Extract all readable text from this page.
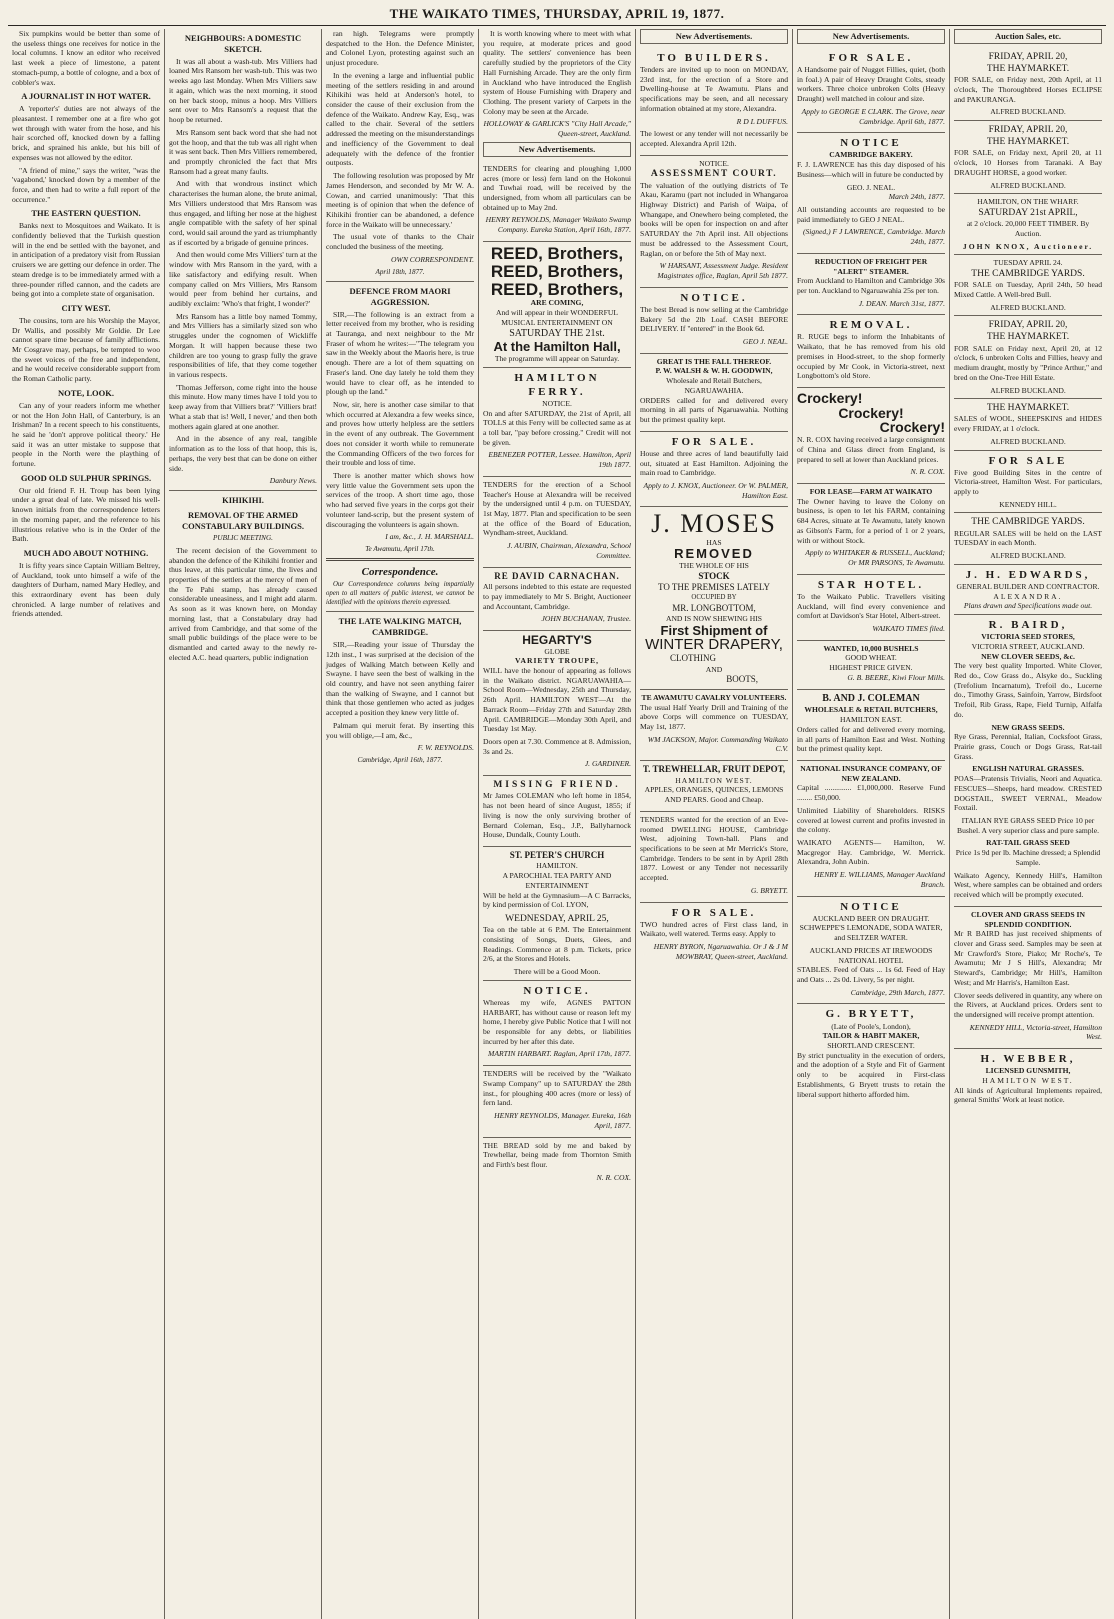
THE WAIKATO TIMES, THURSDAY, APRIL 19, 1877.

Six pumpkins would be better than some of the useless things one receives for notice in the local columns. I know an editor who received last week a piece of limestone, a patent stomach-pump, a bottle of cologne, and a box of cobbler's wax.

A JOURNALIST IN HOT WATER.

A 'reporter's' duties are not always of the pleasantest. I remember one at a fire who got wet through with water from the hose, and his hair scorched off, knocked down by a falling brick, and sprained his ankle, but his bill of expenses was not allowed by the editor.

"A friend of mine," says the writer, "was the 'vagabond,' knocked down by a member of the force, and then had to write a full report of the occurrence."

THE EASTERN QUESTION.

Banks next to Mosquitoes and Waikato. It is confidently believed that the Turkish question will in the end be settled with the bayonet, and in anticipation of a predatory visit from Russian cruisers we are getting our defence in order. The steam dredge is to be immediately armed with a three-pounder rifled cannon, and the cadets are being got into a complete state of organisation.

CITY WEST.

The cousins, torn are his Worship the Mayor, Dr Wallis, and possibly Mr Goldie. Dr Lee cannot spare time because of family afflictions. Mr Cosgrave may, perhaps, be tempted to woo the sweet voices of the free and independent, and he would receive considerable support from the Roman Catholic party.

NOTE, LOOK.

Can any of your readers inform me whether or not the Hon John Hall, of Canterbury, is an Irishman? In a recent speech to his constituents, he said he 'don't approve political theory.' He said it was an utter mistake to suppose that people in the North were the plaything of fortune.

GOOD OLD SULPHUR SPRINGS.

Our old friend F. H. Troup has been lying under a great deal of late. We missed his well-known initials from the correspondence letters in the morning paper, and the reference to his illustrious relative who is in the Order of the Bath.

MUCH ADO ABOUT NOTHING.

It is fifty years since Captain William Beltrey, of Auckland, took unto himself a wife of the daughters of Durham, named Mary Hedley, and this extraordinary event has been duly chronicled. A large number of relatives and friends attended.

NEIGHBOURS: A DOMESTIC SKETCH.

It was all about a wash-tub. Mrs Villiers had loaned Mrs Ransom her wash-tub. This was two weeks ago last Monday. When Mrs Villiers saw it again, which was the next morning, it stood on her back stoop, minus a hoop. Mrs Villiers sent over to Mrs Ransom's a request that the hoop be returned.

Mrs Ransom sent back word that she had not got the hoop, and that the tub was all right when it was sent back. Then Mrs Villiers remembered, and promptly chronicled the fact that Mrs Ransom had a great many faults.

And with that wondrous instinct which characterises the human alone, the brute animal, Mrs Villiers understood that Mrs Ransom was thus engaged, and lifting her nose at the highest angle compatible with the safety of her spinal cord, would sail around the yard as triumphantly as if escorted by a brigade of genuine princes.

And then would come Mrs Villiers' turn at the window with Mrs Ransom in the yard, with a like satisfactory and edifying result. When company called on Mrs Villiers, Mrs Ransom would peer from behind her curtains, and audibly exclaim: 'Who's that fright, I wonder?'

Mrs Ransom has a little boy named Tommy, and Mrs Villiers has a similarly sized son who struggles under the cognomen of Wickliffe Morgan. It will happen because these two children are too young to grasp fully the grave responsibilities of life, that they come together in various respects.

'Thomas Jefferson, come right into the house this minute. How many times have I told you to keep away from that Villiers brat?' 'Villiers brat! What a stab that is! Well, I never,' and then both mothers again glared at one another.

And in the absence of any real, tangible information as to the loss of that hoop, this is, perhaps, the very best that can be done on either side.

Danbury News.
KIHIKIHI.
REMOVAL OF THE ARMED CONSTABULARY BUILDINGS.
PUBLIC MEETING.

The recent decision of the Government to abandon the defence of the Kihikihi frontier and thus leave, at this particular time, the lives and properties of the settlers at the mercy of men of the Te Pahi stamp, has already caused considerable uneasiness, and I might add alarm. As soon as it was known here, on Monday morning last, that a Constabulary dray had arrived from Cambridge, and that some of the small public buildings of the place were to be dismantled and carted away to the newly re-elected A.C. head quarters, public indignation

ran high. Telegrams were promptly despatched to the Hon. the Defence Minister, and Colonel Lyon, protesting against such an unjust procedure.

In the evening a large and influential public meeting of the settlers residing in and around Kihikihi was held at Anderson's hotel, to consider the cause of their exclusion from the defence of the Waikato. Andrew Kay, Esq., was called to the chair. Several of the settlers addressed the meeting on the misunderstandings and inefficiency of the Government to deal adequately with the defence of the frontier outposts.

The following resolution was proposed by Mr James Henderson, and seconded by Mr W. A. Cowan, and carried unanimously: 'That this meeting is of opinion that when the defence of Kihikihi frontier can be abandoned, a defence force in the Waikato will be unnecessary.'

The usual vote of thanks to the Chair concluded the business of the meeting.

OWN CORRESPONDENT.
April 18th, 1877.
DEFENCE FROM MAORI AGGRESSION.

SIR,—The following is an extract from a letter received from my brother, who is residing at Tauranga, and next neighbour to the Mr Fraser of whom he writes:—"The telegram you saw in the Weekly about the Maoris here, is true enough. There are a lot of them squatting on Fraser's land. One day lately he told them they would have to clear off, as he intended to plough up the land."

Now, sir, here is another case similar to that which occurred at Alexandra a few weeks since, and proves how utterly helpless are the settlers in the event of any outbreak. The Government does not consider it worth while to remunerate the Commanding Officers of the two forces for their trouble and loss of time.

There is another matter which shows how very little value the Government sets upon the services of the troop. A short time ago, those who had served five years in the corps got their volunteer land-scrip, but the present system of discouraging the volunteers is again shown.

I am, &c., J. H. MARSHALL.
Te Awamutu, April 17th.
Correspondence.

Our Correspondence columns being impartially open to all matters of public interest, we cannot be identified with the opinions therein expressed.

THE LATE WALKING MATCH, CAMBRIDGE.

SIR,—Reading your issue of Thursday the 12th inst., I was surprised at the decision of the judges of Walking Match between Kelly and Swayne. I have seen the best of walking in the old country, and have not seen anything fairer than the walking of Swayne, and I cannot but think that those gentlemen who acted as judges accepted a position they knew very little of.

Palmam qui meruit ferat. By inserting this you will oblige,—I am, &c.,

F. W. REYNOLDS.
Cambridge, April 16th, 1877.

It is worth knowing where to meet with what you require, at moderate prices and good quality. The settlers' convenience has been carefully studied by the proprietors of the City Hall Furnishing Arcade. They are the only firm in Auckland who have introduced the English system of House Furnishing with Drapery and Clothing. The present variety of Carpets in the Colony may be seen at the Arcade.

HOLLOWAY & GARLICK'S "City Hall Arcade," Queen-street, Auckland.
New Advertisements.

TENDERS for clearing and ploughing 1,000 acres (more or less) fern land on the Hokonui and Tuwhai road, will be received by the undersigned, from whom all particulars can be obtained up to May 2nd.

HENRY REYNOLDS, Manager Waikato Swamp Company. Eureka Station, April 16th, 1877.
REED, Brothers,
REED, Brothers,
REED, Brothers,
ARE COMING,
And will appear in their WONDERFUL MUSICAL ENTERTAINMENT ON
SATURDAY THE 21st.
At the Hamilton Hall,
The programme will appear on Saturday.
HAMILTON FERRY.
NOTICE.

On and after SATURDAY, the 21st of April, all TOLLS at this Ferry will be collected same as at a toll bar, "pay before crossing." Credit will not be given.

EBENEZER POTTER, Lessee. Hamilton, April 19th 1877.

TENDERS for the erection of a School Teacher's House at Alexandra will be received by the undersigned until 4 p.m. on TUESDAY, 1st May, 1877. Plan and specification to be seen at the office of the Board of Education, Wyndham-street, Auckland.

J. AUBIN, Chairman, Alexandra, School Committee.
RE DAVID CARNACHAN.

All persons indebted to this estate are requested to pay immediately to Mr S. Bright, Auctioneer and Accountant, Cambridge.

JOHN BUCHANAN, Trustee.
HEGARTY'S
GLOBE
VARIETY TROUPE,

WILL have the honour of appearing as follows in the Waikato district. NGARUAWAHIA—School Room—Wednesday, 25th and Thursday, 26th April. HAMILTON WEST—At the Barrack Room—Friday 27th and Saturday 28th April. CAMBRIDGE—Monday 30th April, and Tuesday 1st May.

Doors open at 7.30. Commence at 8. Admission, 3s and 2s.

J. GARDINER.
MISSING FRIEND.

Mr James COLEMAN who left home in 1854, has not been heard of since August, 1855; if living is now the only surviving brother of Bernard Coleman, Esq., J.P., Ballyharnock House, Dundalk, County Louth.

ST. PETER'S CHURCH
HAMILTON.
A PAROCHIAL TEA PARTY AND ENTERTAINMENT

Will be held at the Gymnasium—A C Barracks, by kind permission of Col. LYON,

WEDNESDAY, APRIL 25,

Tea on the table at 6 P.M. The Entertainment consisting of Songs, Duets, Glees, and Readings. Commence at 8 p.m. Tickets, price 2/6, at the Stores and Hotels.

There will be a Good Moon.
NOTICE.

Whereas my wife, AGNES PATTON HARBART, has without cause or reason left my home, I hereby give Public Notice that I will not be responsible for any debts, or liabilities incurred by her after this date.

MARTIN HARBART. Raglan, April 17th, 1877.

TENDERS will be received by the "Waikato Swamp Company" up to SATURDAY the 28th inst., for ploughing 400 acres (more or less) of fern land.

HENRY REYNOLDS, Manager. Eureka, 16th April, 1877.

THE BREAD sold by me and baked by Trewhellar, being made from Thornton Smith and Firth's best flour.

N. R. COX.
New Advertisements.
TO BUILDERS.

Tenders are invited up to noon on MONDAY, 23rd inst, for the erection of a Store and Dwelling-house at Te Awamutu. Plans and specifications may be seen, and all necessary information obtained at my store, Alexandra.

R D L DUFFUS.

The lowest or any tender will not necessarily be accepted. Alexandra April 12th.

NOTICE.
ASSESSMENT COURT.

The valuation of the outlying districts of Te Akau, Karamu (part not included in Whangaroa Highway District) and Parish of Waipa, of Whangape, and Onewhero being completed, the books will be open for inspection on and after SATURDAY the 7th April inst. All objections must be addressed to the Assessment Court, Raglan, on or before the 5th of May next.

W HARSANT, Assessment Judge. Resident Magistrates office, Raglan, April 5th 1877.
NOTICE.

The best Bread is now selling at the Cambridge Bakery 5d the 2lb Loaf. CASH BEFORE DELIVERY. If "entered" in the Book 6d.

GEO J. NEAL.
GREAT IS THE FALL THEREOF.
P. W. WALSH & W. H. GOODWIN,
Wholesale and Retail Butchers,
NGARUAWAHIA.

ORDERS called for and delivered every morning in all parts of Ngaruawahia. Nothing but the primest quality kept.

FOR SALE.

House and three acres of land beautifully laid out, situated at East Hamilton. Adjoining the main road to Cambridge.

Apply to J. KNOX, Auctioneer. Or W. PALMER, Hamilton East.
J. MOSES
HAS
REMOVED
THE WHOLE OF HIS
STOCK
TO THE PREMISES LATELY
OCCUPIED BY
MR. LONGBOTTOM,
AND IS NOW SHEWING HIS
First Shipment of
WINTER DRAPERY,
CLOTHING
AND
BOOTS,
TE AWAMUTU CAVALRY VOLUNTEERS.

The usual Half Yearly Drill and Training of the above Corps will commence on TUESDAY, May 1st, 1877.

WM JACKSON, Major. Commanding Waikato C.V.
T. TREWHELLAR, FRUIT DEPOT,
HAMILTON WEST.

APPLES, ORANGES, QUINCES, LEMONS AND PEARS. Good and Cheap.

TENDERS wanted for the erection of an Eve-roomed DWELLING HOUSE, Cambridge West, adjoining Town-hall. Plans and specifications to be seen at Mr Merrick's Store, Cambridge. Tenders to be sent in by April 28th 1877. Lowest or any Tender not necessarily accepted.

G. BRYETT.
FOR SALE.

TWO hundred acres of First class land, in Waikato, well watered. Terms easy. Apply to

HENRY BYRON, Ngaruawahia. Or J & J M MOWBRAY, Queen-street, Auckland.
New Advertisements.
FOR SALE.

A Handsome pair of Nugget Fillies, quiet, (both in foal.) A pair of Heavy Draught Colts, steady workers. Three choice unbroken Colts (Heavy Draught) well matched in colour and size.

Apply to GEORGE E CLARK. The Grove, near Cambridge. April 6th, 1877.
NOTICE
CAMBRIDGE BAKERY.

F. J. LAWRENCE has this day disposed of his Business—which will in future be conducted by

GEO. J. NEAL.
March 24th, 1877.

All outstanding accounts are requested to be paid immediately to GEO J NEAL.

(Signed,) F J LAWRENCE, Cambridge. March 24th, 1877.
REDUCTION OF FREIGHT PER "ALERT" STEAMER.

From Auckland to Hamilton and Cambridge 30s per ton. Auckland to Ngaruawahia 25s per ton.

J. DEAN. March 31st, 1877.
REMOVAL.

R. RUGE begs to inform the Inhabitants of Waikato, that he has removed from his old premises in Hood-street, to the shop formerly occupied by Mr Cook, in Victoria-street, next Longbottom's old Store.

Crockery!
Crockery!
Crockery!

N. R. COX having received a large consignment of China and Glass direct from England, is prepared to sell at lower than Auckland prices.

N. R. COX.
FOR LEASE—FARM AT WAIKATO

The Owner having to leave the Colony on business, is open to let his FARM, containing 684 Acres, situate at Te Awamutu, lately known as Gibson's Farm, for a period of 1 or 2 years, with or without Stock.

Apply to WHITAKER & RUSSELL, Auckland; Or MR PARSONS, Te Awamutu.
STAR HOTEL.

To the Waikato Public. Travellers visiting Auckland, will find every convenience and comfort at Davidson's Star Hotel, Albert-street.

WAIKATO TIMES filed.
WANTED, 10,000 BUSHELS
GOOD WHEAT.
HIGHEST PRICE GIVEN.
G. B. BEERE, Kiwi Flour Mills.
B. AND J. COLEMAN
WHOLESALE & RETAIL BUTCHERS,
HAMILTON EAST.

Orders called for and delivered every morning, in all parts of Hamilton East and West. Nothing but the primest quality kept.

NATIONAL INSURANCE COMPANY, OF NEW ZEALAND.

Capital .............. £1,000,000. Reserve Fund ........ £50,000.

Unlimited Liability of Shareholders. RISKS covered at lowest current and profits invested in the colony.

WAIKATO AGENTS— Hamilton, W. Macgregor Hay. Cambridge, W. Merrick. Alexandra, John Aubin.

HENRY E. WILLIAMS, Manager Auckland Branch.
NOTICE

AUCKLAND BEER ON DRAUGHT. SCHWEPPE'S LEMONADE, SODA WATER, and SELTZER WATER.

AUCKLAND PRICES AT IREWOODS NATIONAL HOTEL

STABLES. Feed of Oats ... 1s 6d. Feed of Hay and Oats ... 2s 0d. Livery, 5s per night.

Cambridge, 29th March, 1877.
G. BRYETT,
(Late of Poole's, London),
TAILOR & HABIT MAKER,
SHORTLAND CRESCENT.

By strict punctuality in the execution of orders, and the adoption of a Style and Fit of Garment only to be acquired in First-class Establishments, G Bryett trusts to retain the liberal support hitherto afforded him.

Auction Sales, etc.
FRIDAY, APRIL 20,
THE HAYMARKET.

FOR SALE, on Friday next, 20th April, at 11 o'clock, The Thoroughbred Horses ECLIPSE and PAKURANGA.

ALFRED BUCKLAND.
FRIDAY, APRIL 20,
THE HAYMARKET.

FOR SALE, on Friday next, April 20, at 11 o'clock, 10 Horses from Taranaki. A Bay DRAUGHT HORSE, a good worker.

ALFRED BUCKLAND.
HAMILTON, ON THE WHARF.
SATURDAY 21st APRIL,

at 2 o'clock. 20,000 FEET TIMBER. By Auction.

JOHN KNOX, Auctioneer.
TUESDAY APRIL 24.
THE CAMBRIDGE YARDS.

FOR SALE on Tuesday, April 24th, 50 head Mixed Cattle. A Well-bred Bull.

ALFRED BUCKLAND.
FRIDAY, APRIL 20,
THE HAYMARKET.

FOR SALE on Friday next, April 20, at 12 o'clock, 6 unbroken Colts and Fillies, heavy and medium draught, mostly by "Prince Arthur," and bred on the One-Tree Hill Estate.

ALFRED BUCKLAND.
THE HAYMARKET.

SALES of WOOL, SHEEPSKINS and HIDES every FRIDAY, at 1 o'clock.

ALFRED BUCKLAND.
FOR SALE

Five good Building Sites in the centre of Victoria-street, Hamilton West. For particulars, apply to

KENNEDY HILL.
THE CAMBRIDGE YARDS.

REGULAR SALES will be held on the LAST TUESDAY in each Month.

ALFRED BUCKLAND.
J. H. EDWARDS,
GENERAL BUILDER AND CONTRACTOR.
ALEXANDRA.
Plans drawn and Specifications made out.
R. BAIRD,
VICTORIA SEED STORES,
VICTORIA STREET, AUCKLAND.
NEW CLOVER SEEDS, &c.

The very best quality Imported. White Clover, Red do., Cow Grass do., Alsyke do., Suckling (Trefolium Incarnatum), Trefoil do., Lucerne do., Timothy Grass, Sainfoin, Yarrow, Birdsfoot Trefoil, Rib Grass, Rape, Field Turnip, Alfalfa do.

NEW GRASS SEEDS.

Rye Grass, Perennial, Italian, Cocksfoot Grass, Prairie grass, Couch or Dogs Grass, Rat-tail Grass.

ENGLISH NATURAL GRASSES.

POAS—Pratensis Trivialis, Neori and Aquatica. FESCUES—Sheeps, hard meadow. CRESTED DOGSTAIL, SWEET VERNAL, Meadow Foxtail.

ITALIAN RYE GRASS SEED Price 10 per Bushel. A very superior class and pure sample.

RAT-TAIL GRASS SEED

Price 1s 9d per lb. Machine dressed; a Splendid Sample.

Waikato Agency, Kennedy Hill's, Hamilton West, where samples can be obtained and orders received which will be promptly executed.

CLOVER AND GRASS SEEDS IN SPLENDID CONDITION.

Mr R BAIRD has just received shipments of clover and Grass seed. Samples may be seen at Mr Crawford's Store, Piako; Mr Roche's, Te Awamutu; Mr J S Hill's, Alexandra; Mr Steward's, Cambridge; Mr Hill's, Hamilton West; and Mr Harris's, Hamilton East.

Clover seeds delivered in quantity, any where on the Rivers, at Auckland prices. Orders sent to the undersigned will receive prompt attention.

KENNEDY HILL, Victoria-street, Hamilton West.
H. WEBBER,
LICENSED GUNSMITH,
HAMILTON WEST.

All kinds of Agricultural Implements repaired, general Smiths' Work at least notice.
